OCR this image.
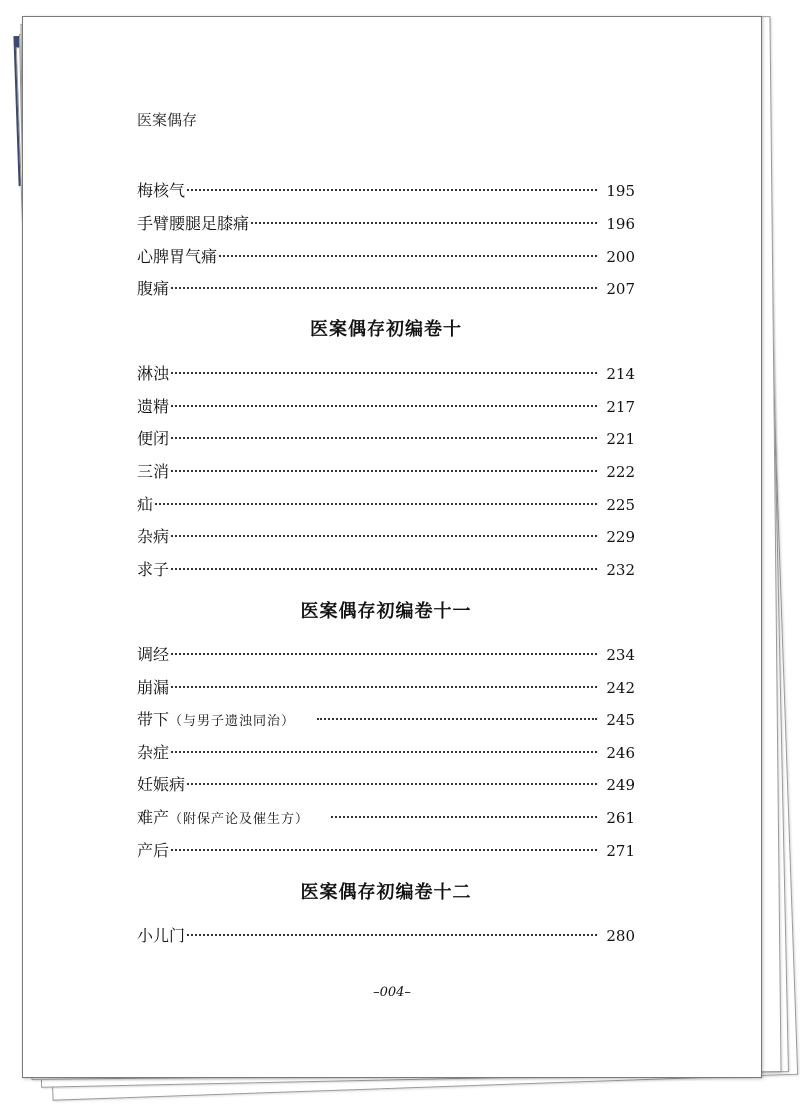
医案偶存
梅核气	195
手臂腰腿足膝痛	196
心脾胃气痛	200
腹痛	207
医案偶存初编卷十
淋浊	214
遗精	217
便闭	221
三消	222
疝	225
杂病	229
求子	232
医案偶存初编卷十一
调经	234
崩漏	242
带下 （与男子遗浊同治）	245
杂症	246
妊娠病	249
难产 （附保产论及催生方）	261
产后	271
医案偶存初编卷十二
小儿门	280
–004–
